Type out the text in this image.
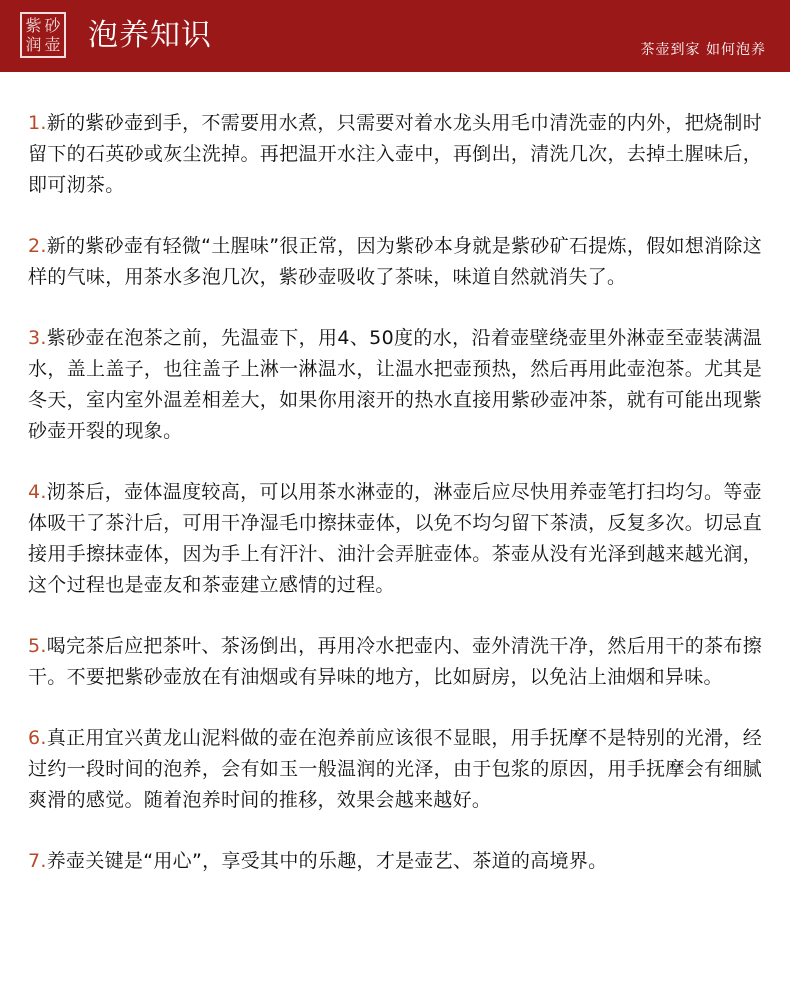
紫 砂
润 壶 泡养知识	茶壶到家 如何泡养

1.新的紫砂壶到手，不需要用水煮，只需要对着水龙头用毛巾清洗壶的内外，把烧制时留下的石英砂或灰尘洗掉。再把温开水注入壶中，再倒出，清洗几次，去掉土腥味后，即可沏茶。

2.新的紫砂壶有轻微“土腥味”很正常，因为紫砂本身就是紫砂矿石提炼，假如想消除这样的气味，用茶水多泡几次，紫砂壶吸收了茶味，味道自然就消失了。

3.紫砂壶在泡茶之前，先温壶下，用4、50度的水，沿着壶壁绕壶里外淋壶至壶装满温水，盖上盖子，也往盖子上淋一淋温水，让温水把壶预热，然后再用此壶泡茶。尤其是冬天，室内室外温差相差大，如果你用滚开的热水直接用紫砂壶冲茶，就有可能出现紫砂壶开裂的现象。

4.沏茶后，壶体温度较高，可以用茶水淋壶的，淋壶后应尽快用养壶笔打扫均匀。等壶体吸干了茶汁后，可用干净湿毛巾擦抹壶体，以免不均匀留下茶渍，反复多次。切忌直接用手擦抹壶体，因为手上有汗汁、油汁会弄脏壶体。茶壶从没有光泽到越来越光润，这个过程也是壶友和茶壶建立感情的过程。

5.喝完茶后应把茶叶、茶汤倒出，再用冷水把壶内、壶外清洗干净，然后用干的茶布擦干。不要把紫砂壶放在有油烟或有异味的地方，比如厨房，以免沾上油烟和异味。

6.真正用宜兴黄龙山泥料做的壶在泡养前应该很不显眼，用手抚摩不是特别的光滑，经过约一段时间的泡养，会有如玉一般温润的光泽，由于包浆的原因，用手抚摩会有细腻爽滑的感觉。随着泡养时间的推移，效果会越来越好。

7.养壶关键是“用心”，享受其中的乐趣，才是壶艺、茶道的高境界。
